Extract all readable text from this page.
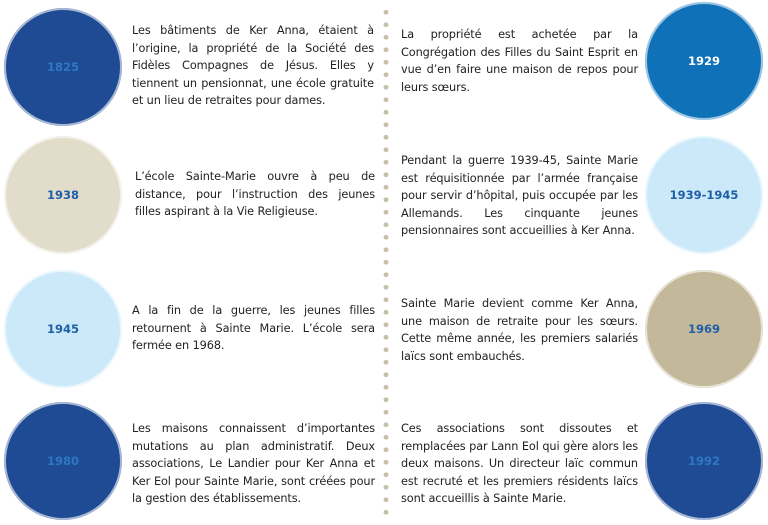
1825
Les bâtiments de Ker Anna, étaient à l’origine, la propriété de la Société des Fidèles Compagnes de Jésus. Elles y tiennent un pensionnat, une école gratuite et un lieu de retraites pour dames.
1938
L’école Sainte-Marie ouvre à peu de distance, pour l’instruction des jeunes filles aspirant à la Vie Religieuse.
1945
A la fin de la guerre, les jeunes filles retournent à Sainte Marie. L’école sera fermée en 1968.
1980
Les maisons connaissent d’importantes mutations au plan administratif. Deux associations, Le Landier pour Ker Anna et Ker Eol pour Sainte Marie, sont créées pour la gestion des établissements.
La propriété est achetée par la Congrégation des Filles du Saint Esprit en vue d’en faire une maison de repos pour leurs sœurs.
1929
Pendant la guerre 1939-45, Sainte Marie est réquisitionnée par l’armée française pour servir d’hôpital, puis occupée par les Allemands. Les cinquante jeunes pensionnaires sont accueillies à Ker Anna.
1939-1945
Sainte Marie devient comme Ker Anna, une maison de retraite pour les sœurs. Cette même année, les premiers salariés laïcs sont embauchés.
1969
Ces associations sont dissoutes et remplacées par Lann Eol qui gère alors les deux maisons. Un directeur laïc commun est recruté et les premiers résidents laïcs sont accueillis à Sainte Marie.
1992
